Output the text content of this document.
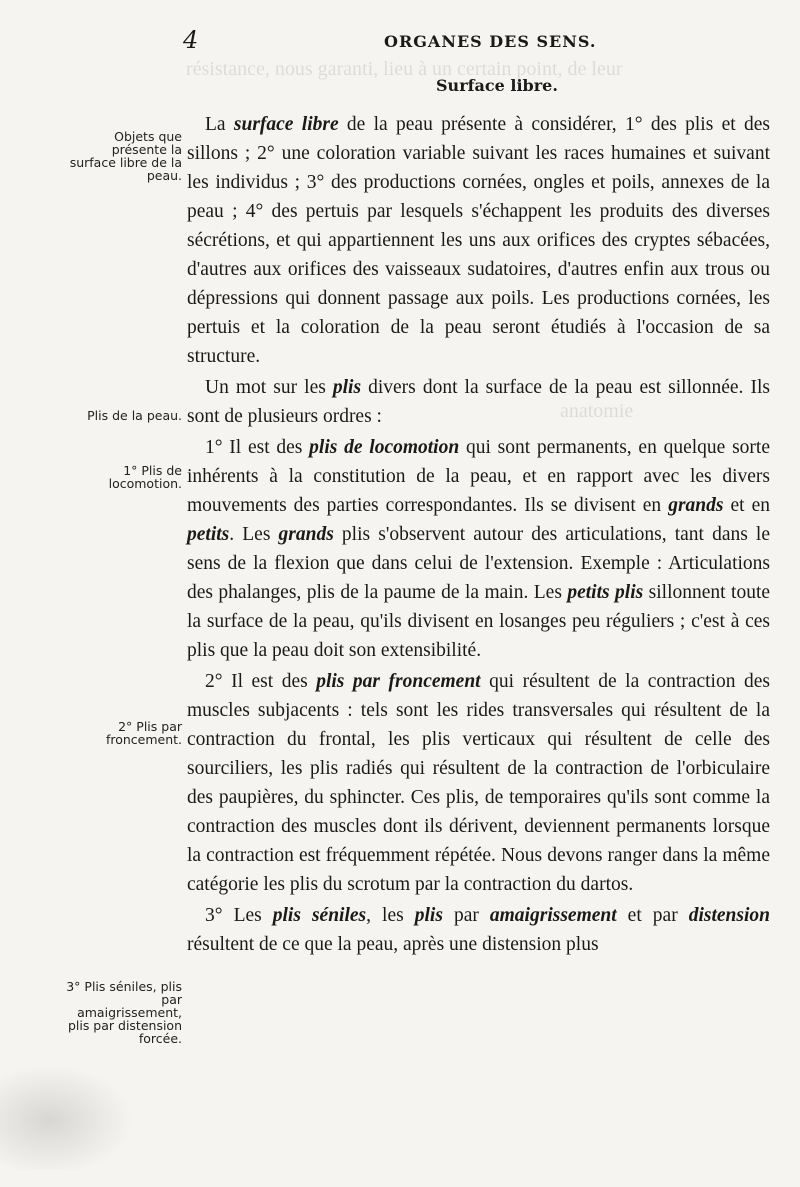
résistance, nous garanti, lieu à un certain point, de leur
anatomie
4	ORGANES DES SENS.
Surface libre.
Objets que présente la surface libre de la peau.
Plis de la peau.
1° Plis de locomotion.
2° Plis par froncement.
3° Plis séniles, plis par amaigrissement, plis par distension forcée.

La surface libre de la peau présente à considérer, 1° des plis et des sillons ; 2° une coloration variable suivant les races humaines et suivant les individus ; 3° des productions cornées, ongles et poils, annexes de la peau ; 4° des pertuis par lesquels s'échappent les produits des diverses sécrétions, et qui appartiennent les uns aux orifices des cryptes sébacées, d'autres aux orifices des vaisseaux sudatoires, d'autres enfin aux trous ou dépressions qui donnent passage aux poils. Les productions cornées, les pertuis et la coloration de la peau seront étudiés à l'occasion de sa structure.

Un mot sur les plis divers dont la surface de la peau est sillonnée. Ils sont de plusieurs ordres :

1° Il est des plis de locomotion qui sont permanents, en quelque sorte inhérents à la constitution de la peau, et en rapport avec les divers mouvements des parties correspondantes. Ils se divisent en grands et en petits. Les grands plis s'observent autour des articulations, tant dans le sens de la flexion que dans celui de l'extension. Exemple : Articulations des phalanges, plis de la paume de la main. Les petits plis sillonnent toute la surface de la peau, qu'ils divisent en losanges peu réguliers ; c'est à ces plis que la peau doit son extensibilité.

2° Il est des plis par froncement qui résultent de la contraction des muscles subjacents : tels sont les rides transversales qui résultent de la contraction du frontal, les plis verticaux qui résultent de celle des sourciliers, les plis radiés qui résultent de la contraction de l'orbiculaire des paupières, du sphincter. Ces plis, de temporaires qu'ils sont comme la contraction des muscles dont ils dérivent, deviennent permanents lorsque la contraction est fréquemment répétée. Nous devons ranger dans la même catégorie les plis du scrotum par la contraction du dartos.

3° Les plis séniles, les plis par amaigrissement et par distension résultent de ce que la peau, après une distension plus
